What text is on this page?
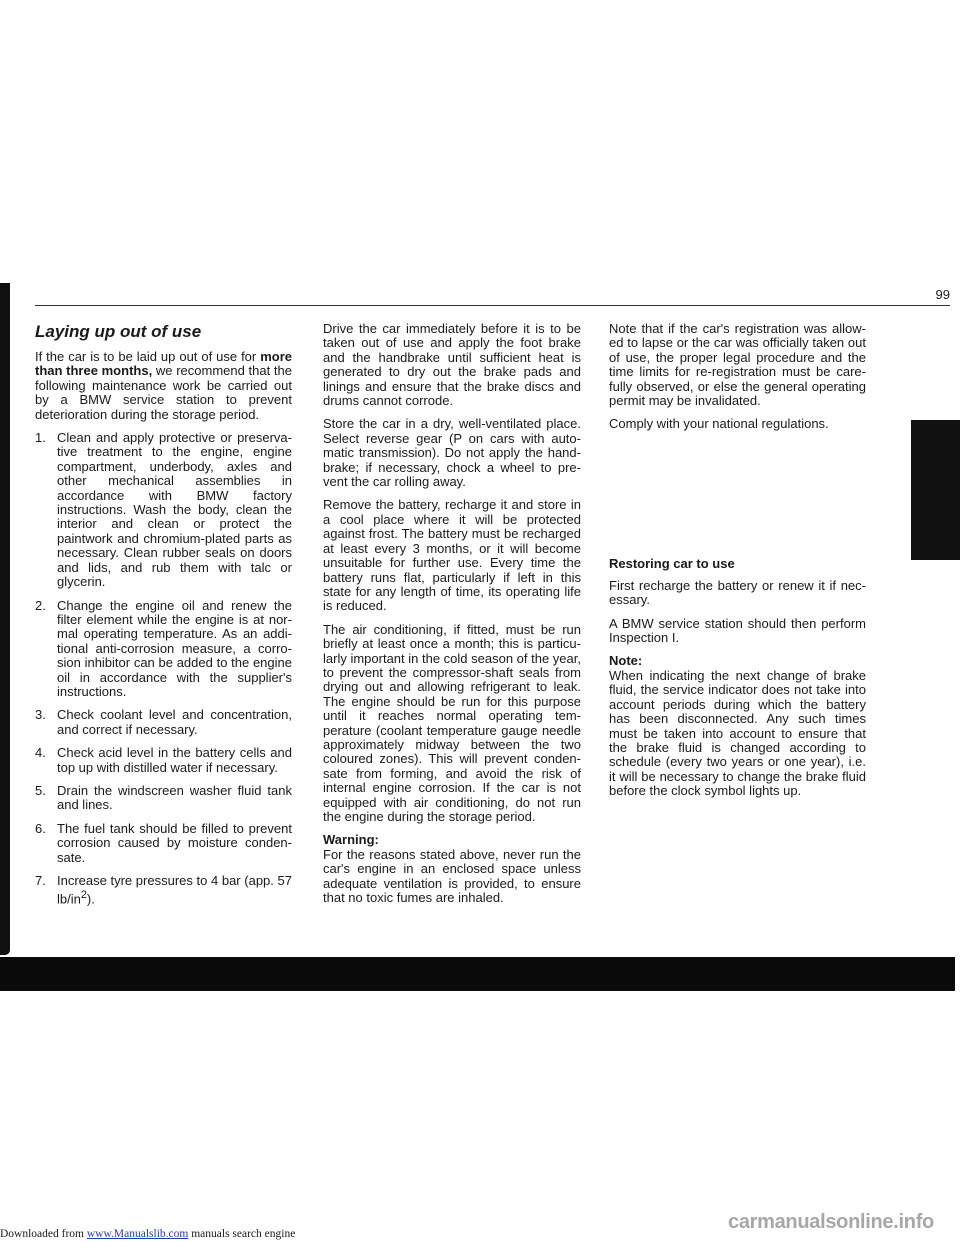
99
Laying up out of use

If the car is to be laid up out of use for more than three months, we recommend that the following maintenance work be carried out by a BMW service station to prevent deterioration during the storage period.

1. Clean and apply protective or preservative treatment to the engine, engine compartment, underbody, axles and other mechanical assemblies in accordance with BMW factory instructions. Wash the body, clean the interior and clean or protect the paintwork and chromium-plated parts as necessary. Clean rubber seals on doors and lids, and rub them with talc or glycerin.
2. Change the engine oil and renew the filter element while the engine is at normal operating temperature. As an additional anti-corrosion measure, a corrosion inhibitor can be added to the engine oil in accordance with the supplier's instructions.
3. Check coolant level and concentration, and correct if necessary.
4. Check acid level in the battery cells and top up with distilled water if necessary.
5. Drain the windscreen washer fluid tank and lines.
6. The fuel tank should be filled to prevent corrosion caused by moisture condensate.
7. Increase tyre pressures to 4 bar (app. 57 $lb/in^2$).

Drive the car immediately before it is to be taken out of use and apply the foot brake and the handbrake until sufficient heat is generated to dry out the brake pads and linings and ensure that the brake discs and drums cannot corrode.

Store the car in a dry, well-ventilated place. Select reverse gear (P on cars with automatic transmission). Do not apply the handbrake; if necessary, chock a wheel to prevent the car rolling away.

Remove the battery, recharge it and store in a cool place where it will be protected against frost. The battery must be recharged at least every 3 months, or it will become unsuitable for further use. Every time the battery runs flat, particularly if left in this state for any length of time, its operating life is reduced.

The air conditioning, if fitted, must be run briefly at least once a month; this is particularly important in the cold season of the year, to prevent the compressor-shaft seals from drying out and allowing refrigerant to leak. The engine should be run for this purpose until it reaches normal operating temperature (coolant temperature gauge needle approximately midway between the two coloured zones). This will prevent condensate from forming, and avoid the risk of internal engine corrosion. If the car is not equipped with air conditioning, do not run the engine during the storage period.

Warning:
For the reasons stated above, never run the car's engine in an enclosed space unless adequate ventilation is provided, to ensure that no toxic fumes are inhaled.

Note that if the car's registration was allowed to lapse or the car was officially taken out of use, the proper legal procedure and the time limits for re-registration must be carefully observed, or else the general operating permit may be invalidated.

Comply with your national regulations.

Restoring car to use

First recharge the battery or renew it if necessary.

A BMW service station should then perform Inspection I.

Note:
When indicating the next change of brake fluid, the service indicator does not take into account periods during which the battery has been disconnected. Any such times must be taken into account to ensure that the brake fluid is changed according to schedule (every two years or one year), i.e. it will be necessary to change the brake fluid before the clock symbol lights up.

Downloaded from www.Manualslib.com manuals search engine
carmanualsonline.info
